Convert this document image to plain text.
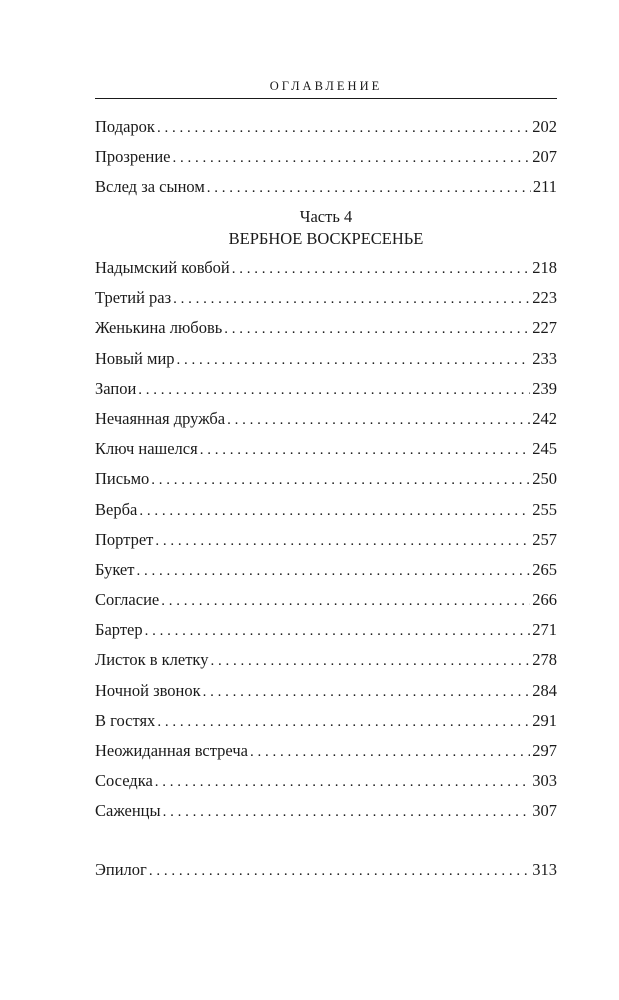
ОГЛАВЛЕНИЕ
Подарок . . .	202
Прозрение . . .	207
Вслед за сыном . . .	211
Часть 4
ВЕРБНОЕ ВОСКРЕСЕНЬЕ
Надымский ковбой . . .	218
Третий раз . . .	223
Женькина любовь . . .	227
Новый мир . . .	233
Запои . . .	239
Нечаянная дружба . . .	242
Ключ нашелся . . .	245
Письмо . . .	250
Верба . . .	255
Портрет . . .	257
Букет . . .	265
Согласие . . .	266
Бартер . . .	271
Листок в клетку . . .	278
Ночной звонок . . .	284
В гостях . . .	291
Неожиданная встреча . . .	297
Соседка . . .	303
Саженцы . . .	307
Эпилог . . .	313
